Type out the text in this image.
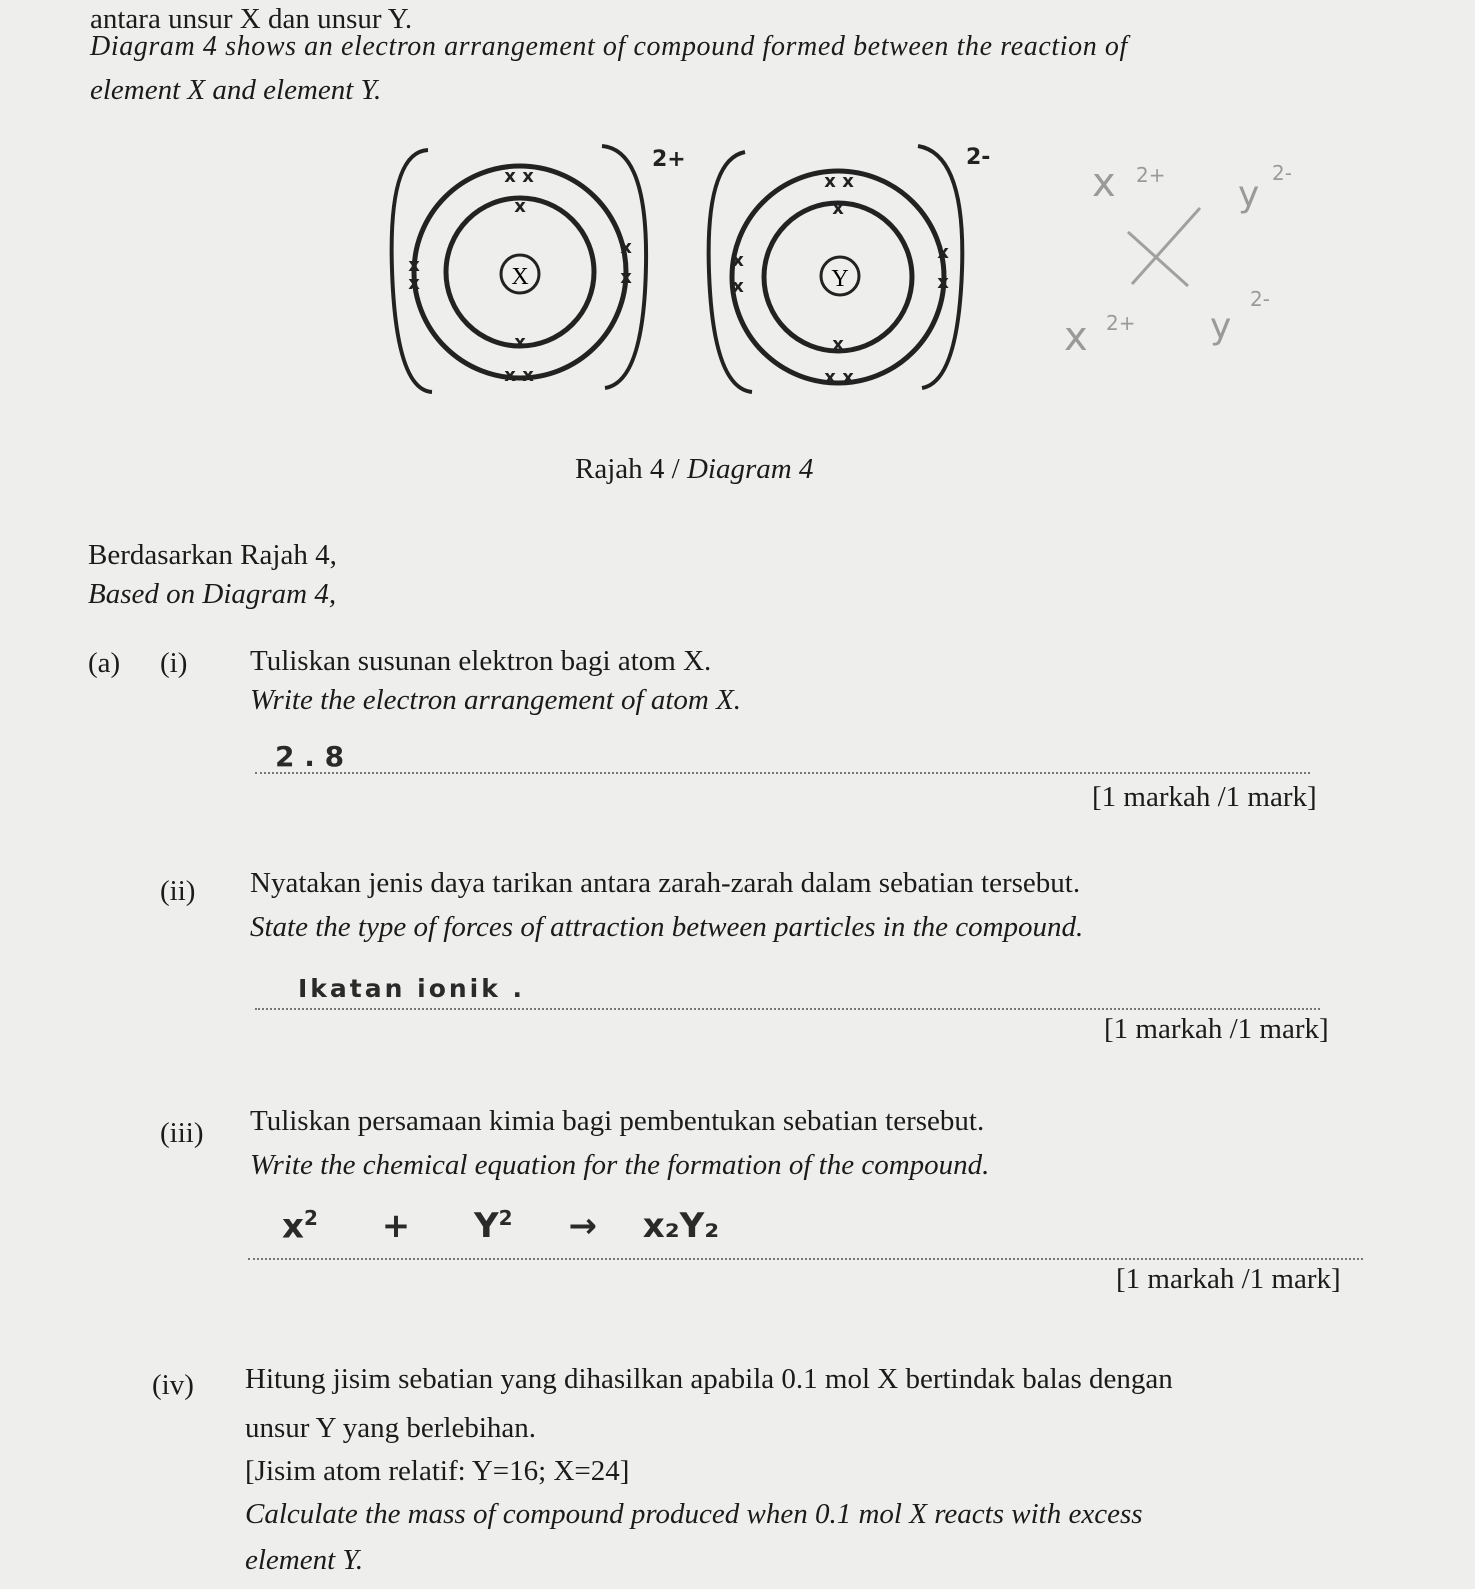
antara unsur X dan unsur Y.
Diagram 4 shows an electron arrangement of compound formed between the reaction of
element X and element Y.
X
2+
x x
x
x
x x
x
x
x
x	Y
2-
x x
x
x
x x
x
x
x
x
x 2+ y
2-
x 2+ y
2-
Rajah 4 / Diagram 4
Berdasarkan Rajah 4,
Based on Diagram 4,
(a) (i) Tuliskan susunan elektron bagi atom X.
Write the electron arrangement of atom X.
2 . 8
[1 markah /1 mark]
(ii) Nyatakan jenis daya tarikan antara zarah-zarah dalam sebatian tersebut.
State the type of forces of attraction between particles in the compound.
Ikatan ionik .
[1 markah /1 mark]
(iii) Tuliskan persamaan kimia bagi pembentukan sebatian tersebut.
Write the chemical equation for the formation of the compound.
$x^2 + Y^2 \to x_2Y_2$
[1 markah /1 mark]
(iv) Hitung jisim sebatian yang dihasilkan apabila 0.1 mol X bertindak balas dengan
unsur Y yang berlebihan.
[Jisim atom relatif: Y=16; X=24]
Calculate the mass of compound produced when 0.1 mol X reacts with excess
element Y.
